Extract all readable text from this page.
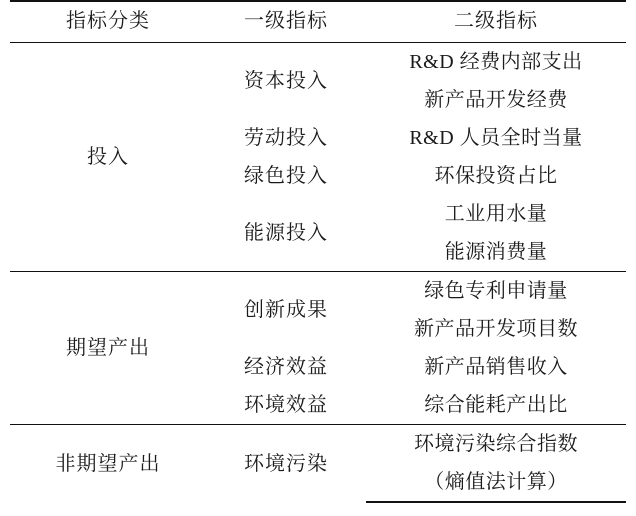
指标分类	一级指标	二级指标
投入	资本投入	R&D 经费内部支出
		新产品开发经费
	劳动投入	R&D 人员全时当量
	绿色投入	环保投资占比
	能源投入	工业用水量
		能源消费量
期望产出	创新成果	绿色专利申请量
		新产品开发项目数
	经济效益	新产品销售收入
	环境效益	综合能耗产出比
非期望产出	环境污染	环境污染综合指数
		（熵值法计算）
